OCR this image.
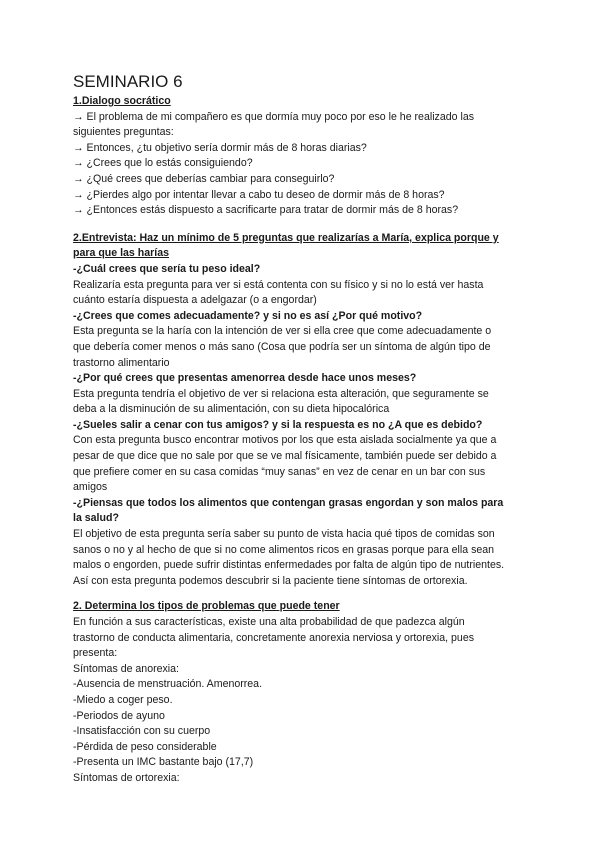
SEMINARIO 6
1.Dialogo socrático
→ El problema de mi compañero es que dormía muy poco por eso le he realizado las
siguientes preguntas:
→ Entonces, ¿tu objetivo sería dormir más de 8 horas diarias?
→ ¿Crees que lo estás consiguiendo?
→ ¿Qué crees que deberías cambiar para conseguirlo?
→ ¿Pierdes algo por intentar llevar a cabo tu deseo de dormir más de 8 horas?
→ ¿Entonces estás dispuesto a sacrificarte para tratar de dormir más de 8 horas?
2.Entrevista: Haz un mínimo de 5 preguntas que realizarías a María, explica porque y
para que las harías
-¿Cuál crees que sería tu peso ideal?
Realizaría esta pregunta para ver si está contenta con su físico y si no lo está ver hasta
cuánto estaría dispuesta a adelgazar (o a engordar)
-¿Crees que comes adecuadamente? y si no es así ¿Por qué motivo?
Esta pregunta se la haría con la intención de ver si ella cree que come adecuadamente o
que debería comer menos o más sano (Cosa que podría ser un síntoma de algún tipo de
trastorno alimentario
-¿Por qué crees que presentas amenorrea desde hace unos meses?
Esta pregunta tendría el objetivo de ver si relaciona esta alteración, que seguramente se
deba a la disminución de su alimentación, con su dieta hipocalórica
-¿Sueles salir a cenar con tus amigos? y si la respuesta es no ¿A que es debido?
Con esta pregunta busco encontrar motivos por los que esta aislada socialmente ya que a
pesar de que dice que no sale por que se ve mal físicamente, también puede ser debido a
que prefiere comer en su casa comidas “muy sanas” en vez de cenar en un bar con sus
amigos
-¿Piensas que todos los alimentos que contengan grasas engordan y son malos para
la salud?
El objetivo de esta pregunta sería saber su punto de vista hacia qué tipos de comidas son
sanos o no y al hecho de que si no come alimentos ricos en grasas porque para ella sean
malos o engorden, puede sufrir distintas enfermedades por falta de algún tipo de nutrientes.
Así con esta pregunta podemos descubrir si la paciente tiene síntomas de ortorexia.
2. Determina los tipos de problemas que puede tener
En función a sus características, existe una alta probabilidad de que padezca algún
trastorno de conducta alimentaria, concretamente anorexia nerviosa y ortorexia, pues
presenta:
Síntomas de anorexia:
-Ausencia de menstruación. Amenorrea.
-Miedo a coger peso.
-Periodos de ayuno
-Insatisfacción con su cuerpo
-Pérdida de peso considerable
-Presenta un IMC bastante bajo (17,7)
Síntomas de ortorexia:
